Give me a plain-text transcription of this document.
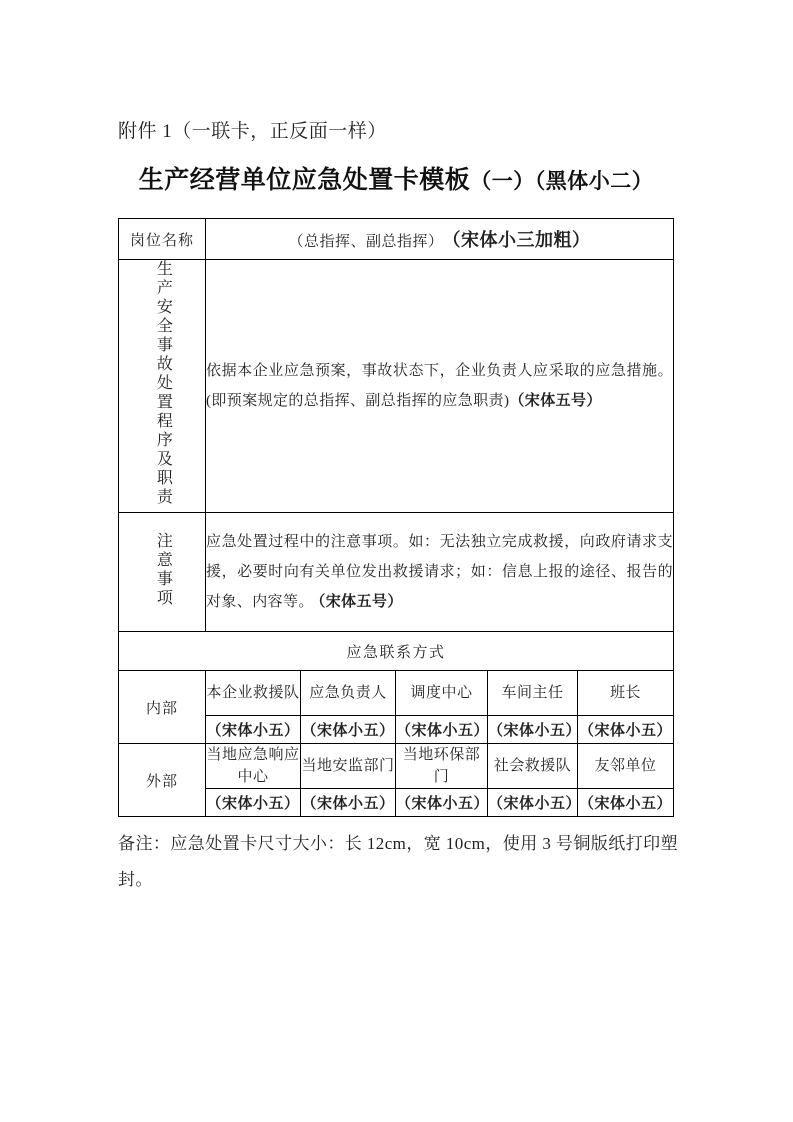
附件 1（一联卡，正反面一样）
生产经营单位应急处置卡模板（一）（黑体小二）
岗位名称	（总指挥、副总指挥） （宋体小三加粗）				
生产安全事故处置程序及职责	依据本企业应急预案，事故状态下，企业负责人应采取的应急措施。(即预案规定的总指挥、副总指挥的应急职责)（宋体五号）				
注意事项	应急处置过程中的注意事项。如：无法独立完成救援，向政府请求支援，必要时向有关单位发出救援请求；如：信息上报的途径、报告的对象、内容等。 （宋体五号）				
应急联系方式					
内部	本企业救援队	应急负责人	调度中心	车间主任	班长
	（宋体小五）	（宋体小五）	（宋体小五）	（宋体小五）	（宋体小五）
外部	当地应急响应中心	当地安监部门	当地环保部门	社会救援队	友邻单位
	（宋体小五）	（宋体小五）	（宋体小五）	（宋体小五）	（宋体小五）
备注：应急处置卡尺寸大小：长 12cm，宽 10cm，使用 3 号铜版纸打印塑封。
